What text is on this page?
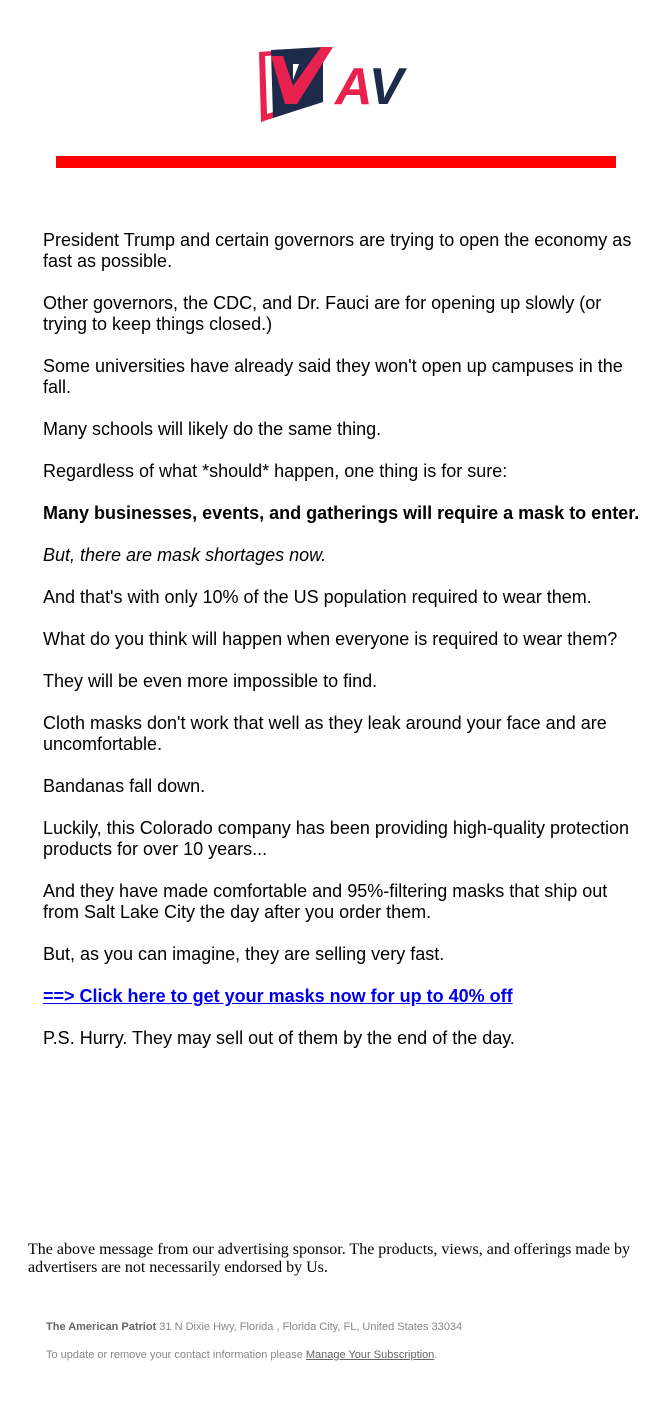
AV

President Trump and certain governors are trying to open the economy as fast as possible.

Other governors, the CDC, and Dr. Fauci are for opening up slowly (or trying to keep things closed.)

Some universities have already said they won't open up campuses in the fall.

Many schools will likely do the same thing.

Regardless of what *should* happen, one thing is for sure:

Many businesses, events, and gatherings will require a mask to enter.

But, there are mask shortages now.

And that's with only 10% of the US population required to wear them.

What do you think will happen when everyone is required to wear them?

They will be even more impossible to find.

Cloth masks don't work that well as they leak around your face and are uncomfortable.

Bandanas fall down.

Luckily, this Colorado company has been providing high-quality protection products for over 10 years...

And they have made comfortable and 95%-filtering masks that ship out from Salt Lake City the day after you order them.

But, as you can imagine, they are selling very fast.

==> Click here to get your masks now for up to 40% off

P.S. Hurry. They may sell out of them by the end of the day.

The above message from our advertising sponsor. The products, views, and offerings made by advertisers are not necessarily endorsed by Us.
The American Patriot 31 N Dixie Hwy, Florida , Florida City, FL, United States 33034
To update or remove your contact information please Manage Your Subscription.
